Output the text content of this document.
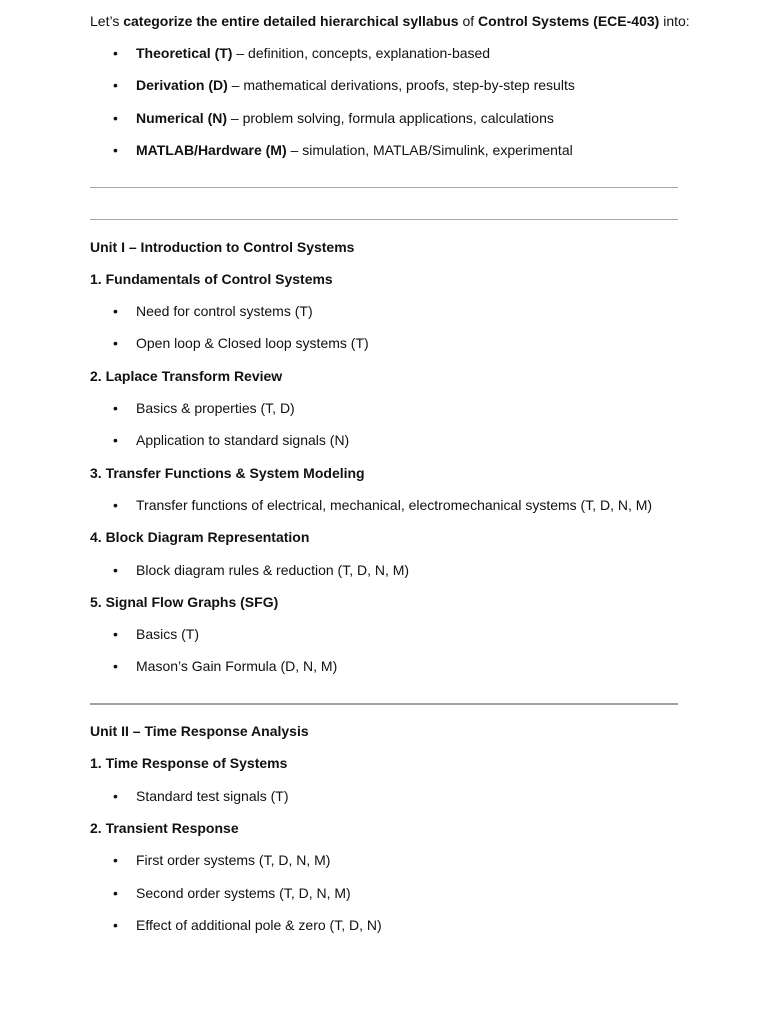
Let’s categorize the entire detailed hierarchical syllabus of Control Systems (ECE-403) into:
• Theoretical (T) – definition, concepts, explanation-based
• Derivation (D) – mathematical derivations, proofs, step-by-step results
• Numerical (N) – problem solving, formula applications, calculations
• MATLAB/Hardware (M) – simulation, MATLAB/Simulink, experimental
Unit I – Introduction to Control Systems
1. Fundamentals of Control Systems
• Need for control systems (T)
• Open loop & Closed loop systems (T)
2. Laplace Transform Review
• Basics & properties (T, D)
• Application to standard signals (N)
3. Transfer Functions & System Modeling
• Transfer functions of electrical, mechanical, electromechanical systems (T, D, N, M)
4. Block Diagram Representation
• Block diagram rules & reduction (T, D, N, M)
5. Signal Flow Graphs (SFG)
• Basics (T)
• Mason’s Gain Formula (D, N, M)
Unit II – Time Response Analysis
1. Time Response of Systems
• Standard test signals (T)
2. Transient Response
• First order systems (T, D, N, M)
• Second order systems (T, D, N, M)
• Effect of additional pole & zero (T, D, N)
